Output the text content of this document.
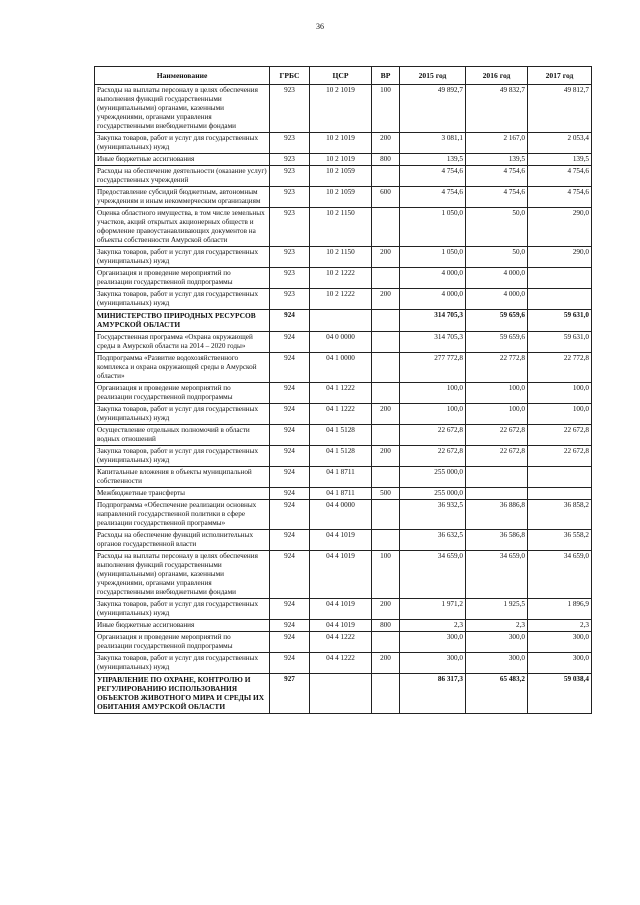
36
Наименование	ГРБС	ЦСР	ВР	2015 год	2016 год	2017 год
Расходы на выплаты персоналу в целях обеспечения выполнения функций государственными (муниципальными) органами, казенными учреждениями, органами управления государственными внебюджетными фондами	923	10 2 1019	100	49 892,7	49 832,7	49 812,7
Закупка товаров, работ и услуг для государственных (муниципальных) нужд	923	10 2 1019	200	3 081,1	2 167,0	2 053,4
Иные бюджетные ассигнования	923	10 2 1019	800	139,5	139,5	139,5
Расходы на обеспечение деятельности (оказание услуг) государственных учреждений	923	10 2 1059		4 754,6	4 754,6	4 754,6
Предоставление субсидий бюджетным, автономным учреждениям и иным некоммерческим организациям	923	10 2 1059	600	4 754,6	4 754,6	4 754,6
Оценка областного имущества, в том числе земельных участков, акций открытых акционерных обществ и оформление правоустанавливающих документов на объекты собственности Амурской области	923	10 2 1150		1 050,0	50,0	290,0
Закупка товаров, работ и услуг для государственных (муниципальных) нужд	923	10 2 1150	200	1 050,0	50,0	290,0
Организация и проведение мероприятий по реализации государственной подпрограммы	923	10 2 1222		4 000,0	4 000,0	
Закупка товаров, работ и услуг для государственных (муниципальных) нужд	923	10 2 1222	200	4 000,0	4 000,0	
МИНИСТЕРСТВО ПРИРОДНЫХ РЕСУРСОВ АМУРСКОЙ ОБЛАСТИ	924			314 705,3	59 659,6	59 631,0
Государственная программа «Охрана окружающей среды в Амурской области на 2014 – 2020 годы»	924	04 0 0000		314 705,3	59 659,6	59 631,0
Подпрограмма «Развитие водохозяйственного комплекса и охрана окружающей среды в Амурской области»	924	04 1 0000		277 772,8	22 772,8	22 772,8
Организация и проведение мероприятий по реализации государственной подпрограммы	924	04 1 1222		100,0	100,0	100,0
Закупка товаров, работ и услуг для государственных (муниципальных) нужд	924	04 1 1222	200	100,0	100,0	100,0
Осуществление отдельных полномочий в области водных отношений	924	04 1 5128		22 672,8	22 672,8	22 672,8
Закупка товаров, работ и услуг для государственных (муниципальных) нужд	924	04 1 5128	200	22 672,8	22 672,8	22 672,8
Капитальные вложения в объекты муниципальной собственности	924	04 1 8711		255 000,0		
Межбюджетные трансферты	924	04 1 8711	500	255 000,0		
Подпрограмма «Обеспечение реализации основных направлений государственной политики в сфере реализации государственной программы»	924	04 4 0000		36 932,5	36 886,8	36 858,2
Расходы на обеспечение функций исполнительных органов государственной власти	924	04 4 1019		36 632,5	36 586,8	36 558,2
Расходы на выплаты персоналу в целях обеспечения выполнения функций государственными (муниципальными) органами, казенными учреждениями, органами управления государственными внебюджетными фондами	924	04 4 1019	100	34 659,0	34 659,0	34 659,0
Закупка товаров, работ и услуг для государственных (муниципальных) нужд	924	04 4 1019	200	1 971,2	1 925,5	1 896,9
Иные бюджетные ассигнования	924	04 4 1019	800	2,3	2,3	2,3
Организация и проведение мероприятий по реализации государственной подпрограммы	924	04 4 1222		300,0	300,0	300,0
Закупка товаров, работ и услуг для государственных (муниципальных) нужд	924	04 4 1222	200	300,0	300,0	300,0
УПРАВЛЕНИЕ ПО ОХРАНЕ, КОНТРОЛЮ И РЕГУЛИРОВАНИЮ ИСПОЛЬЗОВАНИЯ ОБЪЕКТОВ ЖИВОТНОГО МИРА И СРЕДЫ ИХ ОБИТАНИЯ АМУРСКОЙ ОБЛАСТИ	927			86 317,3	65 483,2	59 038,4
